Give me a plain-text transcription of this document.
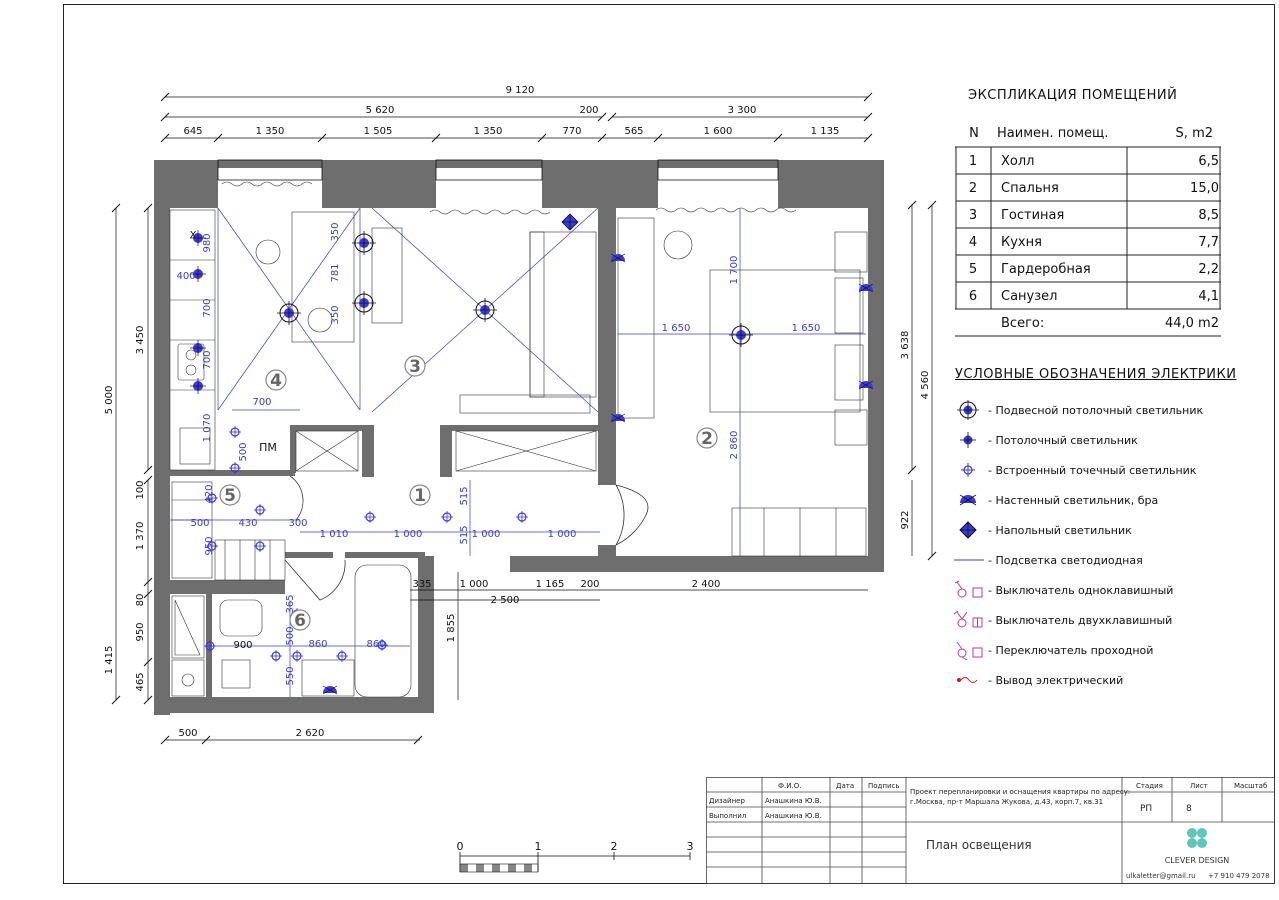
1
2
3
4
5
6
9 120
5 620	200	3 300
645	1 350	1 505	1 350	770	565	1 600	1 135
500	2 620
335	1 000	1 165 200	2 400
2 500
5 000
3 450
100
1 370
80
950
465
1 415
3 638
4 560
922
1 855
X 980
400
700
700
700
1 070
500 ПМ
350
781
350
1 700
1 650	1 650
2 860
420
500	430	300
950
1 010	1 000
515
515 1 000	1 000
365
900	500 860	860
550
ЭКСПЛИКАЦИЯ ПОМЕЩЕНИЙ
N	Наимен. помещ.	S, m2
1	Холл	6,5
2	Спальня	15,0
3	Гостиная	8,5
4	Кухня	7,7
5	Гардеробная	2,2
6	Санузел	4,1
Всего:	44,0 m2
УСЛОВНЫЕ ОБОЗНАЧЕНИЯ ЭЛЕКТРИКИ
- Подвесной потолочный светильник
- Потолочный светильник
- Встроенный точечный светильник
- Настенный светильник, бра
- Напольный светильник
- Подсветка светодиодная
- Выключатель одноклавишный
- Выключатель двухклавишный
- Переключатель проходной
- Вывод электрический
0	1	2	3
Ф.И.О.	Дата Подпись
Дизайнер	Анашкина Ю.В.
Выполнил	Анашкина Ю.В.
Проект перепланировки и оснащения квартиры по адресу:
г.Москва, пр-т Маршала Жукова, д.43, корп.7, кв.31
Стадия	Лист	Масштаб
РП	8
План освещения
CLEVER DESIGN
ulkaletter@gmail.ru +7 910 479 2078
